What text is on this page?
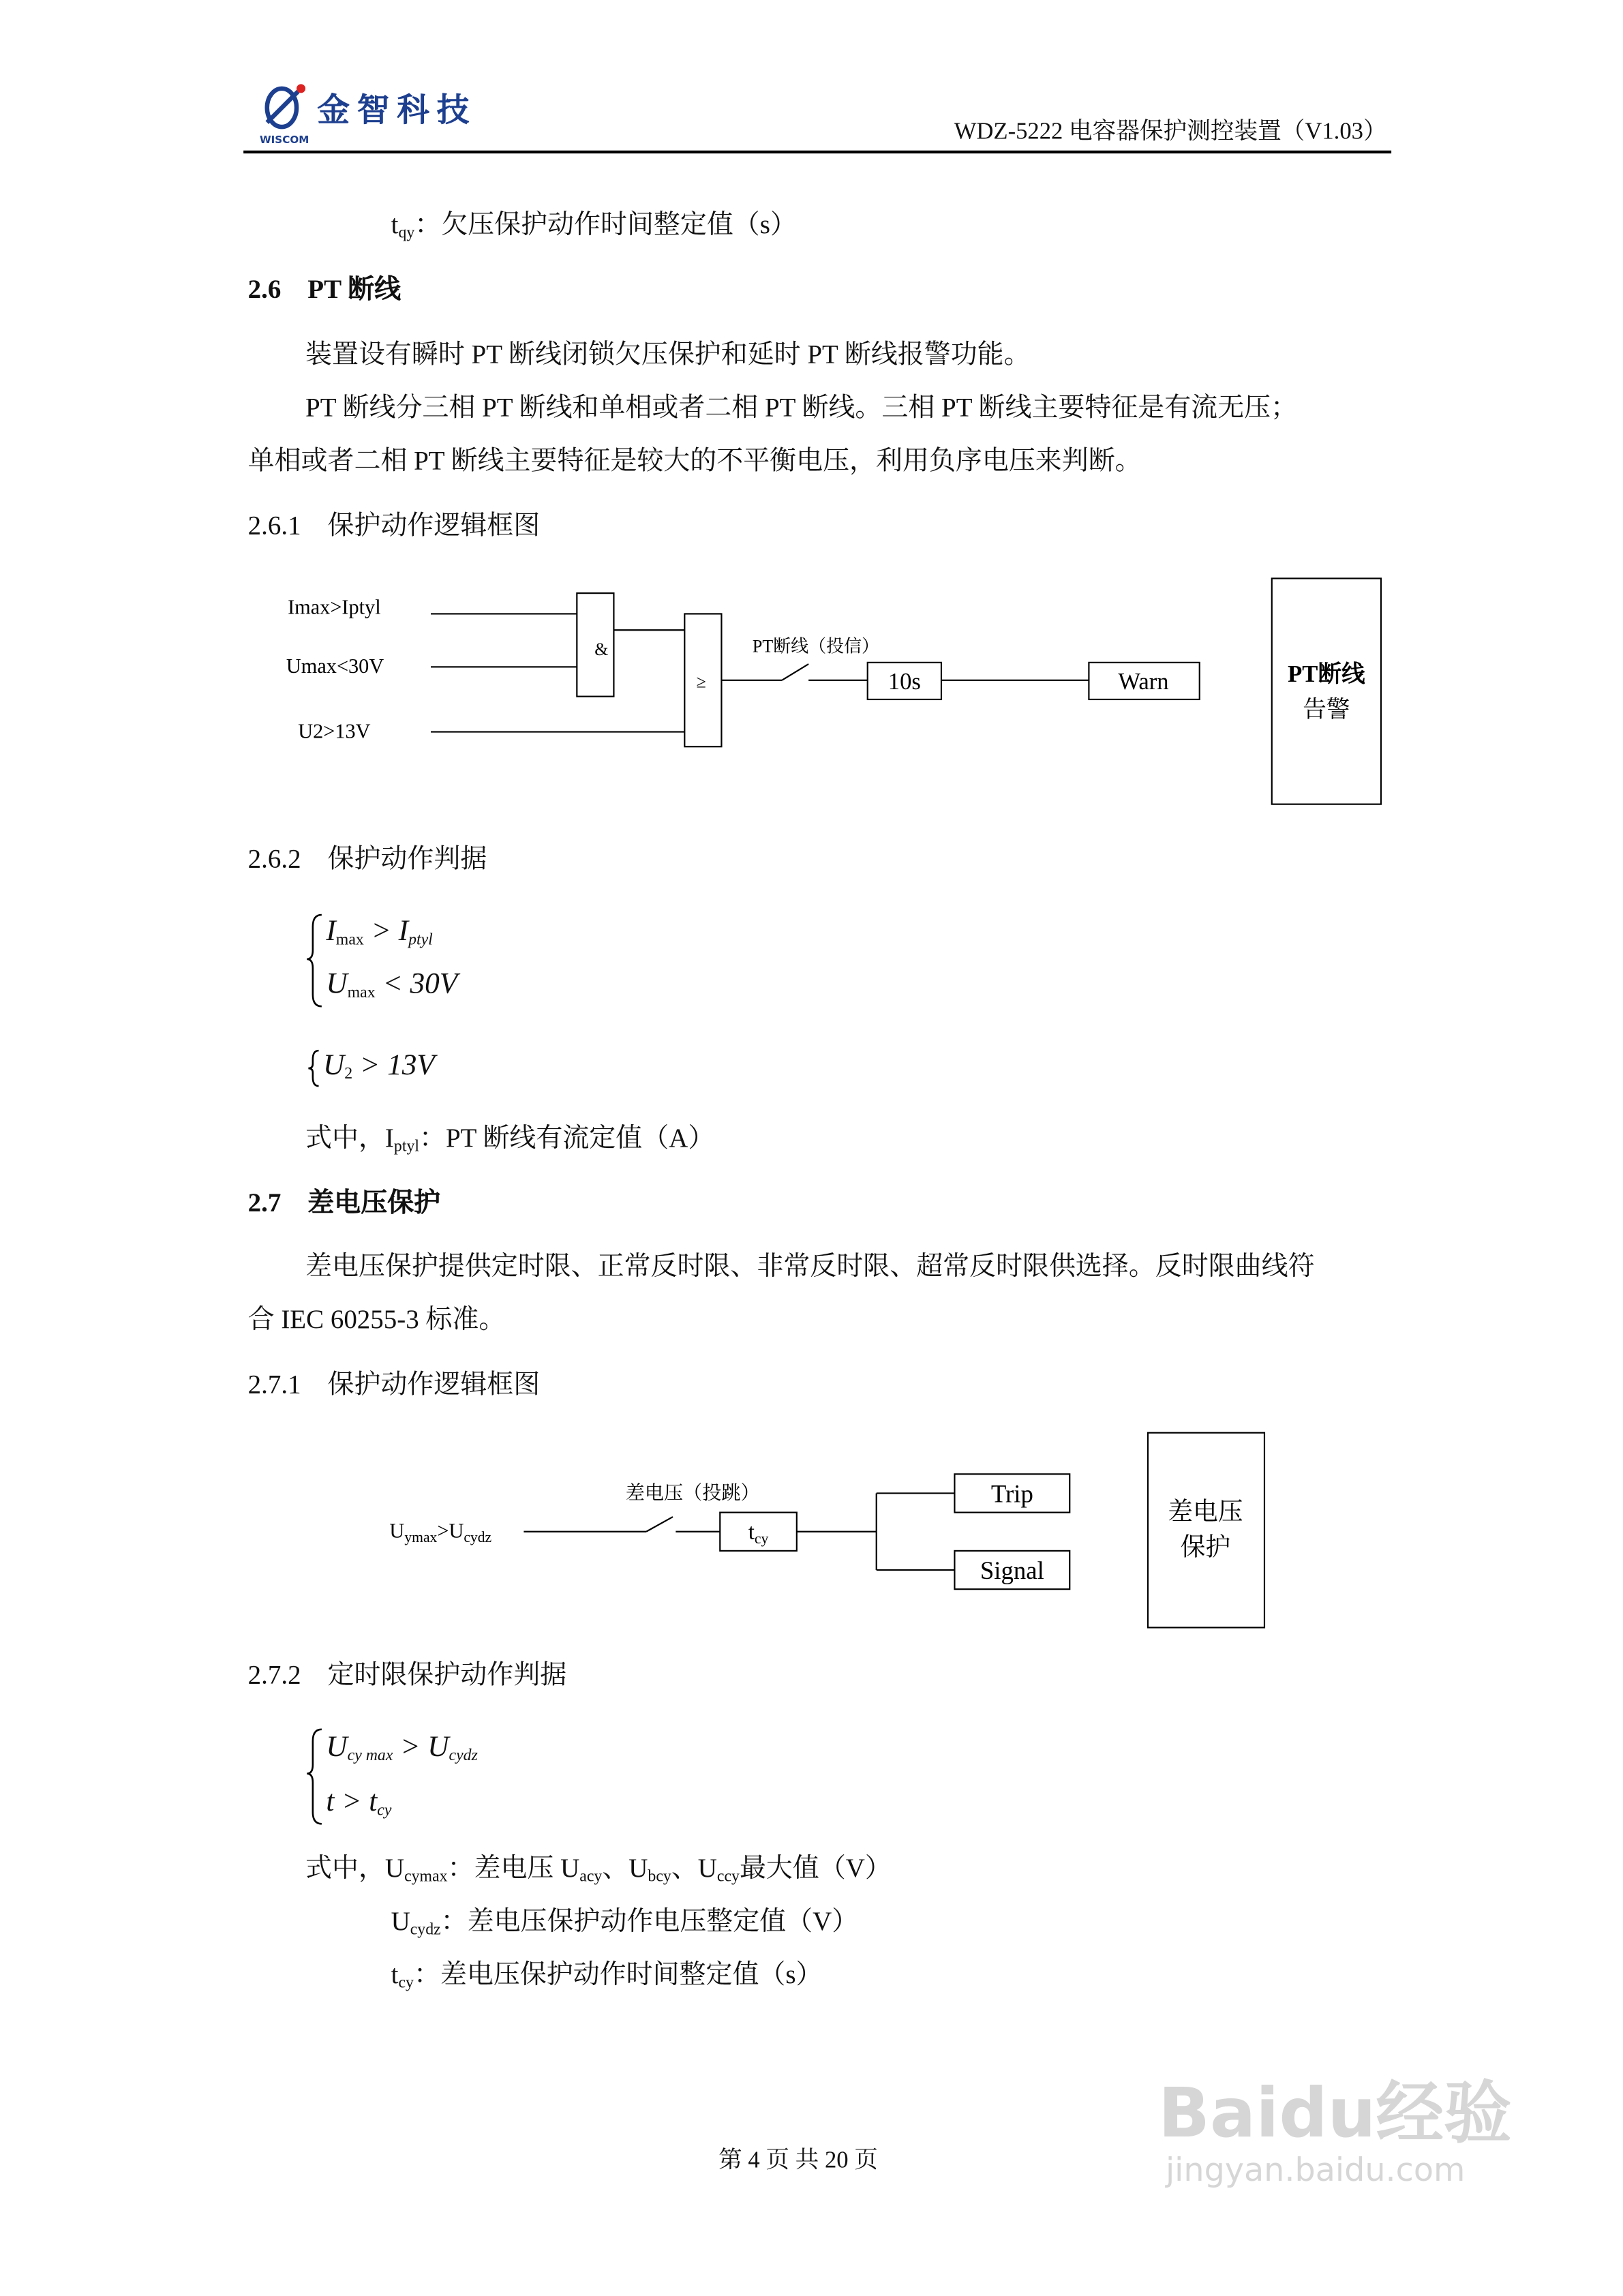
金智科技
WISCOM	WDZ-5222 电容器保护测控装置（V1.03）
$t_{qy}$：欠压保护动作时间整定值（s）
2.6 PT 断线
装置设有瞬时 PT 断线闭锁欠压保护和延时 PT 断线报警功能。
PT 断线分三相 PT 断线和单相或者二相 PT 断线。三相 PT 断线主要特征是有流无压；
单相或者二相 PT 断线主要特征是较大的不平衡电压，利用负序电压来判断。
2.6.1　保护动作逻辑框图
Imax>Iptyl
Umax<30V
U2>13V
&
≥
PT断线（投信）
10s	Warn	PT断线
告警
$U_{ymax}>U_{cydz}$
差电压（投跳）
$t_{cy}$
Trip
Signal
差电压
保护
2.6.2　保护动作判据
$I_{max} > I_{ptyl}$
$U_{max} < 30V$
$U_2 > 13V$
式中，$I_{ptyl}$：PT 断线有流定值（A）
2.7 差电压保护
差电压保护提供定时限、正常反时限、非常反时限、超常反时限供选择。反时限曲线符
合 IEC 60255-3 标准。
2.7.1　保护动作逻辑框图
2.7.2　定时限保护动作判据
$U_{cy max} > U_{cydz}$
$t > t_{cy}$
式中，$U_{cymax}$：差电压 $U_{acy}$、$U_{bcy}$、$U_{ccy}$最大值（V）
$U_{cydz}$：差电压保护动作电压整定值（V）
$t_{cy}$：差电压保护动作时间整定值（s）
第 4 页 共 20 页
Baidu经验
jingyan.baidu.com
